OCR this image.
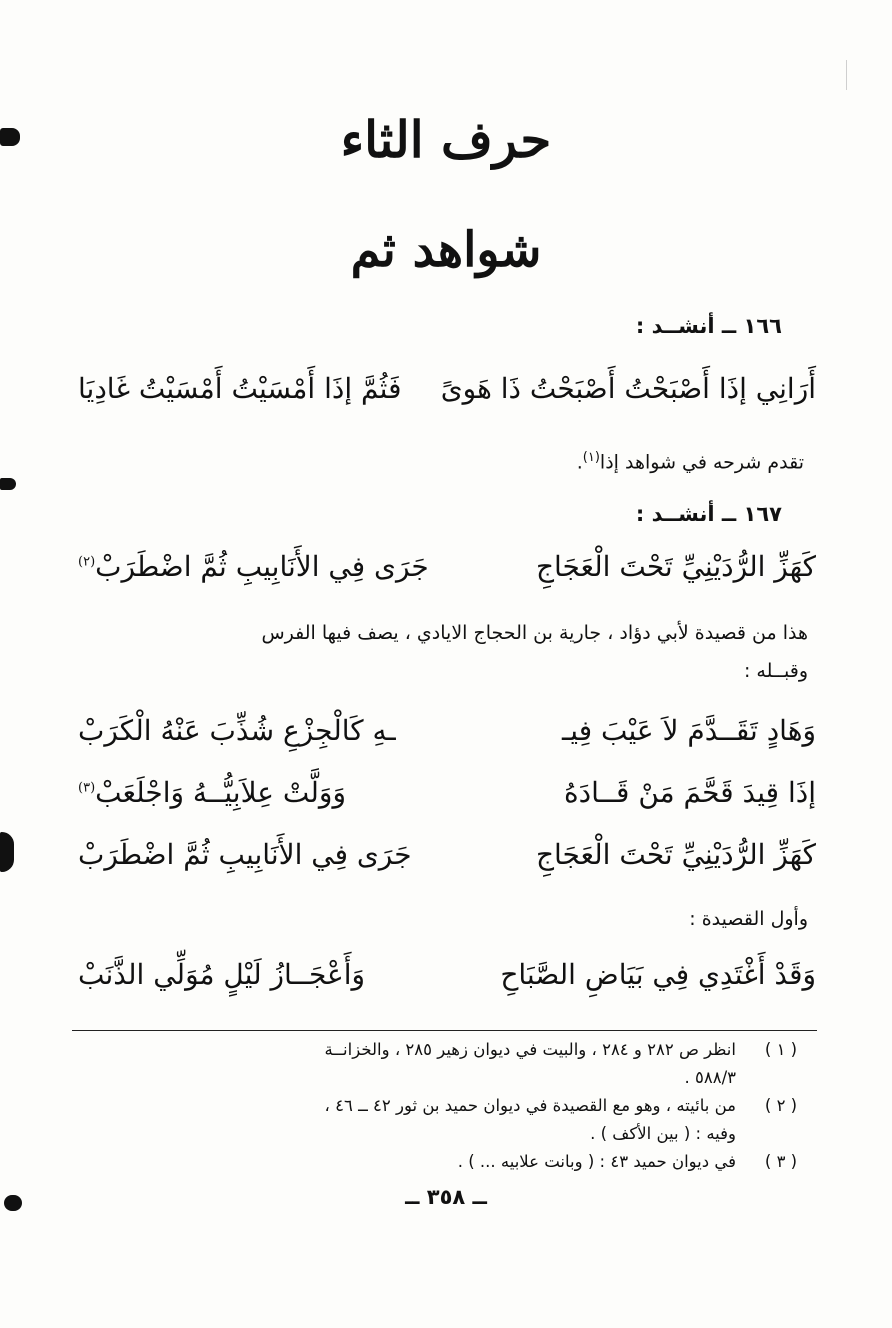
حرف الثاء
شواهد ثم
١٦٦ ــ أنشــد :
أَرَانِي إذَا أَصْبَحْتُ أَصْبَحْتُ ذَا هَوىً
فَثُمَّ إذَا أَمْسَيْتُ أَمْسَيْتُ غَادِيَا
تقدم شرحه في شواهد إذا$^{(١)}$.
١٦٧ ــ أنشــد :
كَهَزِّ الرُّدَيْنِيِّ تَحْتَ الْعَجَاجِ
جَرَى فِي الأَنَابِيبِ ثُمَّ اضْطَرَبْ$^{(٢)}$
هذا من قصيدة لأبي دؤاد ، جارية بن الحجاج الايادي ، يصف فيها الفرس
وقبــله :
وَهَادٍ تَقَــدَّمَ لاَ عَيْبَ فِيـ
ـهِ كَالْجِزْعِ شُذِّبَ عَنْهُ الْكَرَبْ
إذَا قِيدَ قَحَّمَ مَنْ قَــادَهُ
وَوَلَّتْ عِلاَبِيُّــهُ وَاجْلَعَبْ$^{(٣)}$
كَهَزِّ الرُّدَيْنِيِّ تَحْتَ الْعَجَاجِ
جَرَى فِي الأَنَابِيبِ ثُمَّ اضْطَرَبْ
وأول القصيدة :
وَقَدْ أَغْتَدِي فِي بَيَاضِ الصَّبَاحِ
وَأَعْجَــازُ لَيْلٍ مُوَلِّي الذَّنَبْ
( ١ )
انظر ص ٢٨٢ و ٢٨٤ ، والبيت في ديوان زهير ٢٨٥ ، والخزانــة
٥٨٨/٣ .
( ٢ )
من بائيته ، وهو مع القصيدة في ديوان حميد بن ثور ٤٢ ــ ٤٦ ،
وفيه : ( بين الأكف ) .
( ٣ )
في ديوان حميد ٤٣ : ( وبانت علابيه ... ) .
ــ ٣٥٨ ــ
